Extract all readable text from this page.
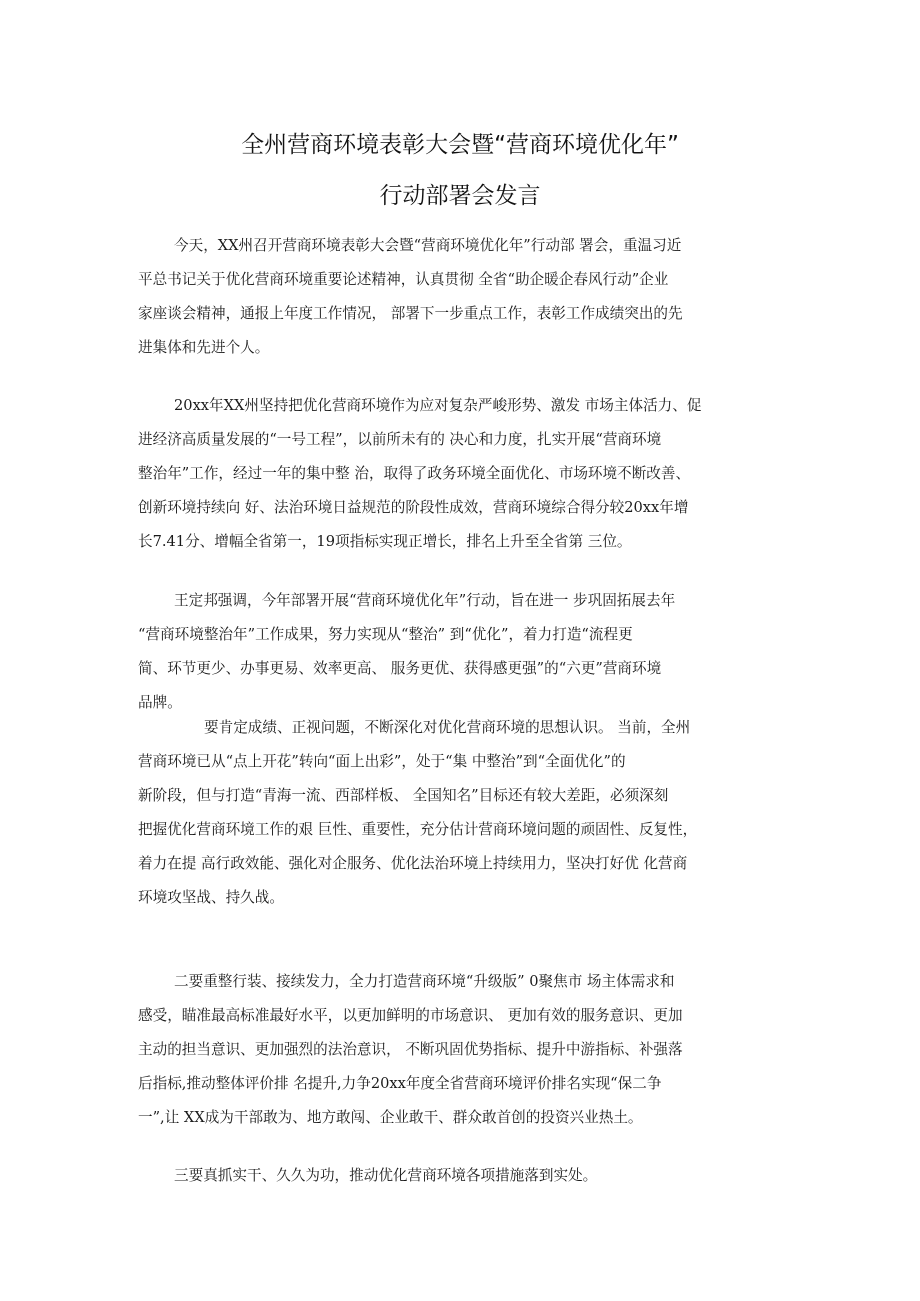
全州营商环境表彰大会暨“营商环境优化年”
行动部署会发言
今天，XX州召开营商环境表彰大会暨“营商环境优化年”行动部 署会，重温习近
平总书记关于优化营商环境重要论述精神，认真贯彻 全省“助企暖企春风行动”企业
家座谈会精神，通报上年度工作情况， 部署下一步重点工作，表彰工作成绩突出的先
进集体和先进个人。
20xx年XX州坚持把优化营商环境作为应对复杂严峻形势、激发 市场主体活力、促
进经济高质量发展的“一号工程”，以前所未有的 决心和力度，扎实开展“营商环境
整治年”工作，经过一年的集中整 治，取得了政务环境全面优化、市场环境不断改善、
创新环境持续向 好、法治环境日益规范的阶段性成效，营商环境综合得分较20xx年增
长7.41分、增幅全省第一，19项指标实现正增长，排名上升至全省第 三位。
王定邦强调，今年部署开展“营商环境优化年”行动，旨在进一 步巩固拓展去年
“营商环境整治年”工作成果，努力实现从“整治” 到“优化”，着力打造“流程更
简、环节更少、办事更易、效率更高、 服务更优、获得感更强”的“六更”营商环境
品牌。
要肯定成绩、正视问题，不断深化对优化营商环境的思想认识。 当前，全州
营商环境已从“点上开花”转向“面上出彩”，处于“集 中整治”到“全面优化”的
新阶段，但与打造“青海一流、西部样板、 全国知名”目标还有较大差距，必须深刻
把握优化营商环境工作的艰 巨性、重要性，充分估计营商环境问题的顽固性、反复性，
着力在提 高行政效能、强化对企服务、优化法治环境上持续用力，坚决打好优 化营商
环境攻坚战、持久战。
二要重整行装、接续发力，全力打造营商环境“升级版” 0聚焦市 场主体需求和
感受，瞄准最高标准最好水平，以更加鲜明的市场意识、 更加有效的服务意识、更加
主动的担当意识、更加强烈的法治意识， 不断巩固优势指标、提升中游指标、补强落
后指标,推动整体评价排 名提升,力争20xx年度全省营商环境评价排名实现“保二争
一”,让 XX成为干部敢为、地方敢闯、企业敢干、群众敢首创的投资兴业热土。
三要真抓实干、久久为功，推动优化营商环境各项措施落到实处。
